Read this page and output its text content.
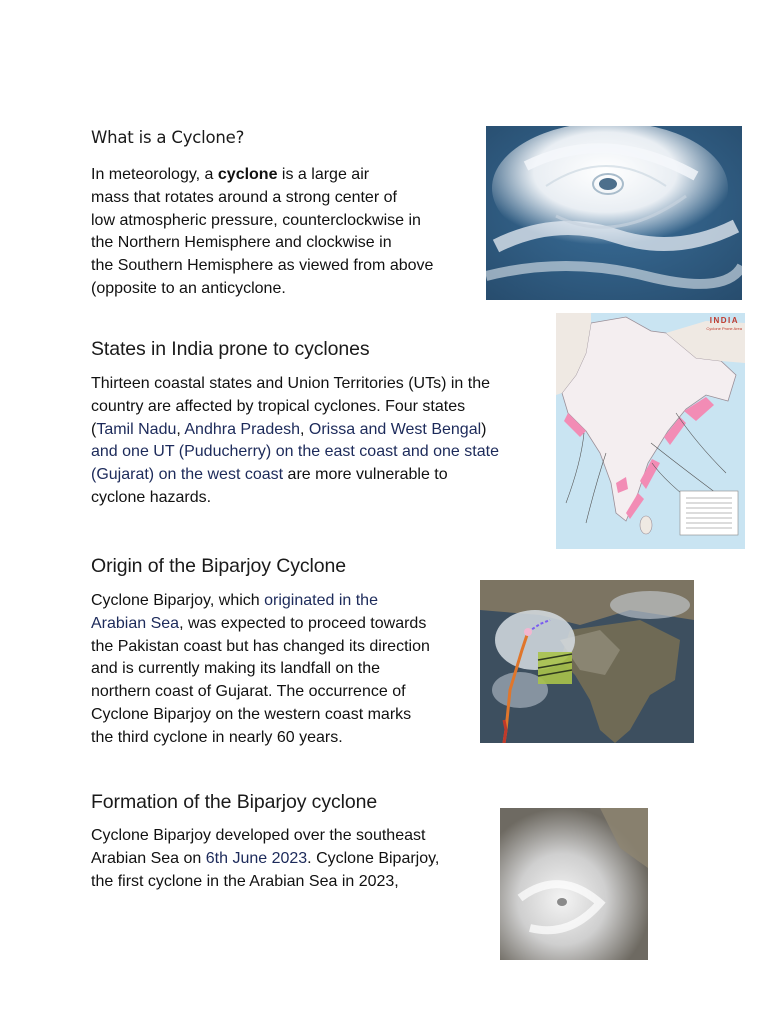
What is a Cyclone?
In meteorology, a cyclone is a large air
mass that rotates around a strong center of
low atmospheric pressure, counterclockwise in
the Northern Hemisphere and clockwise in
the Southern Hemisphere as viewed from above
(opposite to an anticyclone.
States in India prone to cyclones
Thirteen coastal states and Union Territories (UTs) in the
country are affected by tropical cyclones. Four states
(Tamil Nadu, Andhra Pradesh, Orissa and West Bengal)
and one UT (Puducherry) on the east coast and one state
(Gujarat) on the west coast are more vulnerable to
cyclone hazards.
INDIA
Cyclone Prone Area
Origin of the Biparjoy Cyclone
Cyclone Biparjoy, which originated in the
Arabian Sea, was expected to proceed towards
the Pakistan coast but has changed its direction
and is currently making its landfall on the
northern coast of Gujarat. The occurrence of
Cyclone Biparjoy on the western coast marks
the third cyclone in nearly 60 years.
Formation of the Biparjoy cyclone
Cyclone Biparjoy developed over the southeast
Arabian Sea on 6th June 2023. Cyclone Biparjoy,
the first cyclone in the Arabian Sea in 2023,
